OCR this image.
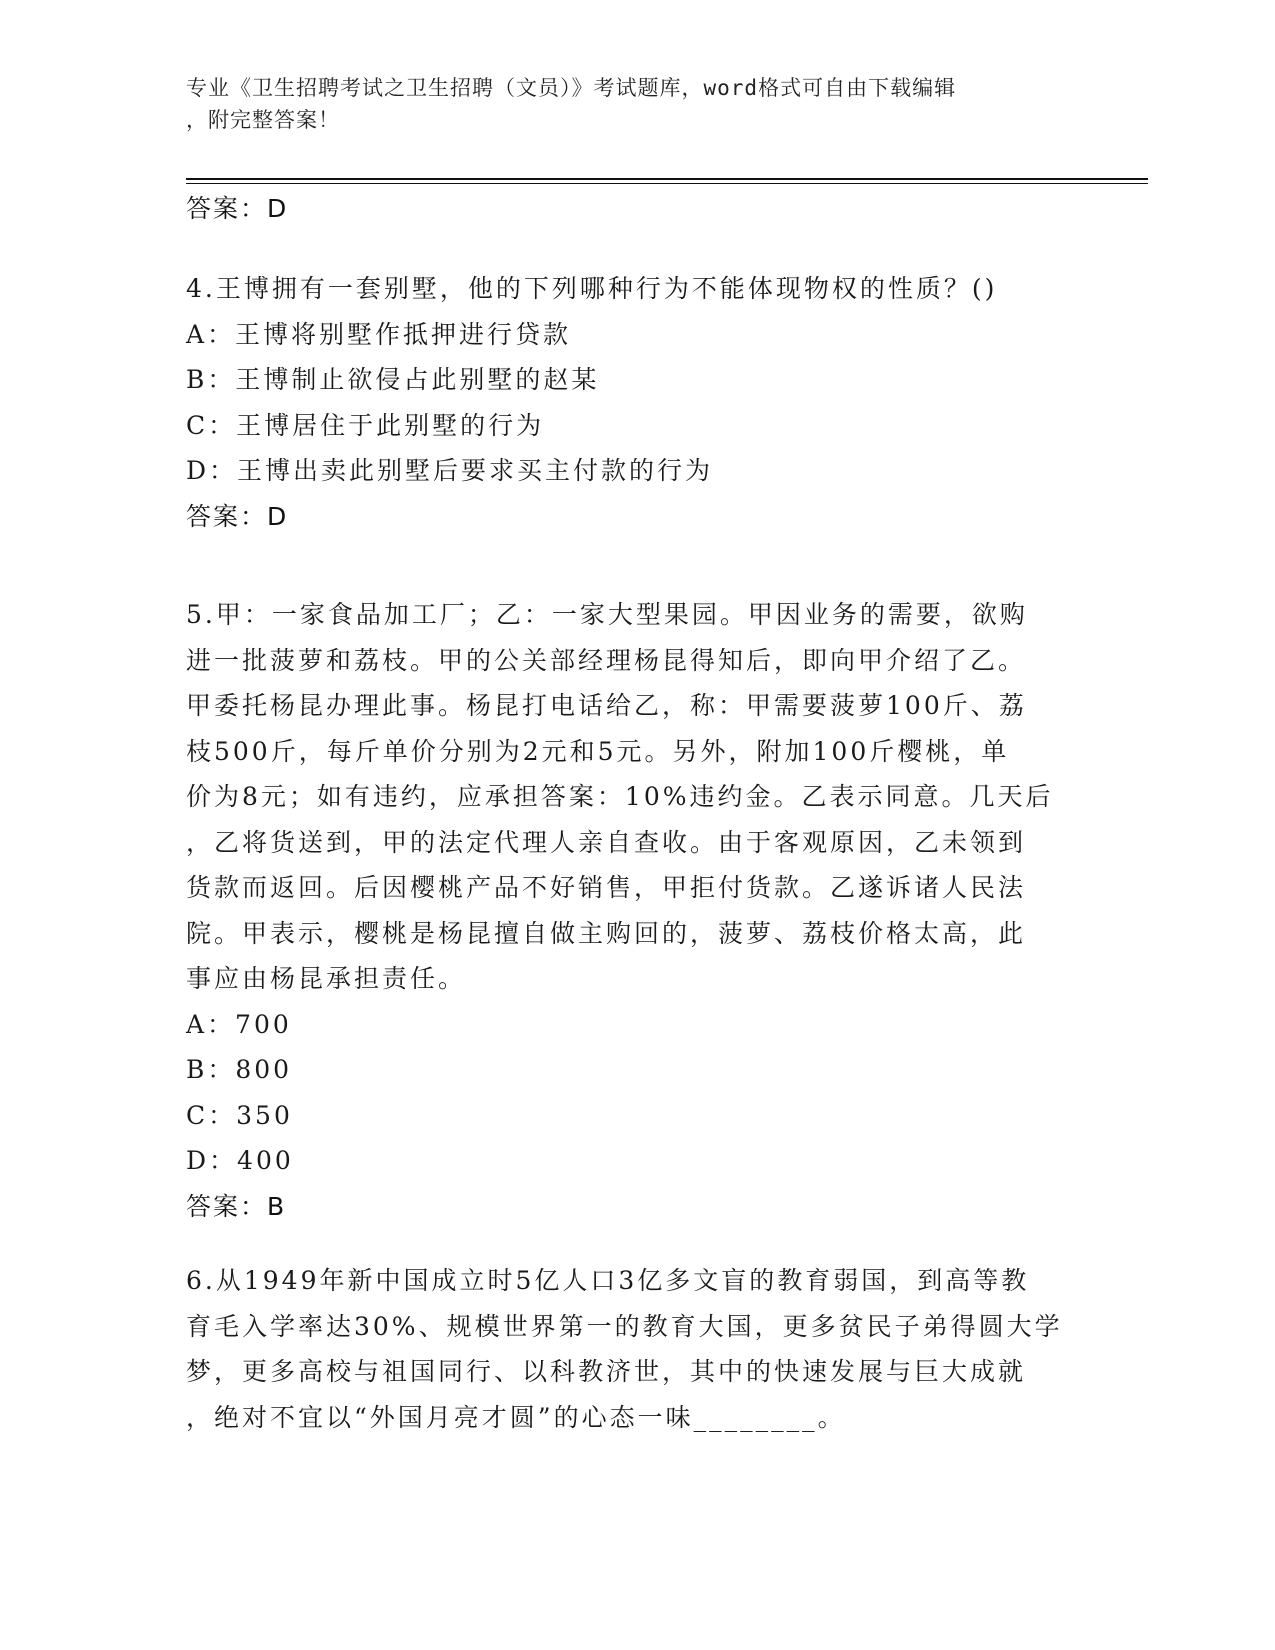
专业《卫生招聘考试之卫生招聘（文员）》考试题库，word格式可自由下载编辑
，附完整答案！
答案：D
4.王博拥有一套别墅，他的下列哪种行为不能体现物权的性质？()
A：王博将别墅作抵押进行贷款
B：王博制止欲侵占此别墅的赵某
C：王博居住于此别墅的行为
D：王博出卖此别墅后要求买主付款的行为
答案：D
5.甲：一家食品加工厂；乙：一家大型果园。甲因业务的需要，欲购
进一批菠萝和荔枝。甲的公关部经理杨昆得知后，即向甲介绍了乙。
甲委托杨昆办理此事。杨昆打电话给乙，称：甲需要菠萝100斤、荔
枝500斤，每斤单价分别为2元和5元。另外，附加100斤樱桃，单
价为8元；如有违约，应承担答案：10%违约金。乙表示同意。几天后
，乙将货送到，甲的法定代理人亲自查收。由于客观原因，乙未领到
货款而返回。后因樱桃产品不好销售，甲拒付货款。乙遂诉诸人民法
院。甲表示，樱桃是杨昆擅自做主购回的，菠萝、荔枝价格太高，此
事应由杨昆承担责任。
A：700
B：800
C：350
D：400
答案：B
6.从1949年新中国成立时5亿人口3亿多文盲的教育弱国，到高等教
育毛入学率达30%、规模世界第一的教育大国，更多贫民子弟得圆大学
梦，更多高校与祖国同行、以科教济世，其中的快速发展与巨大成就
，绝对不宜以“外国月亮才圆”的心态一味________。
